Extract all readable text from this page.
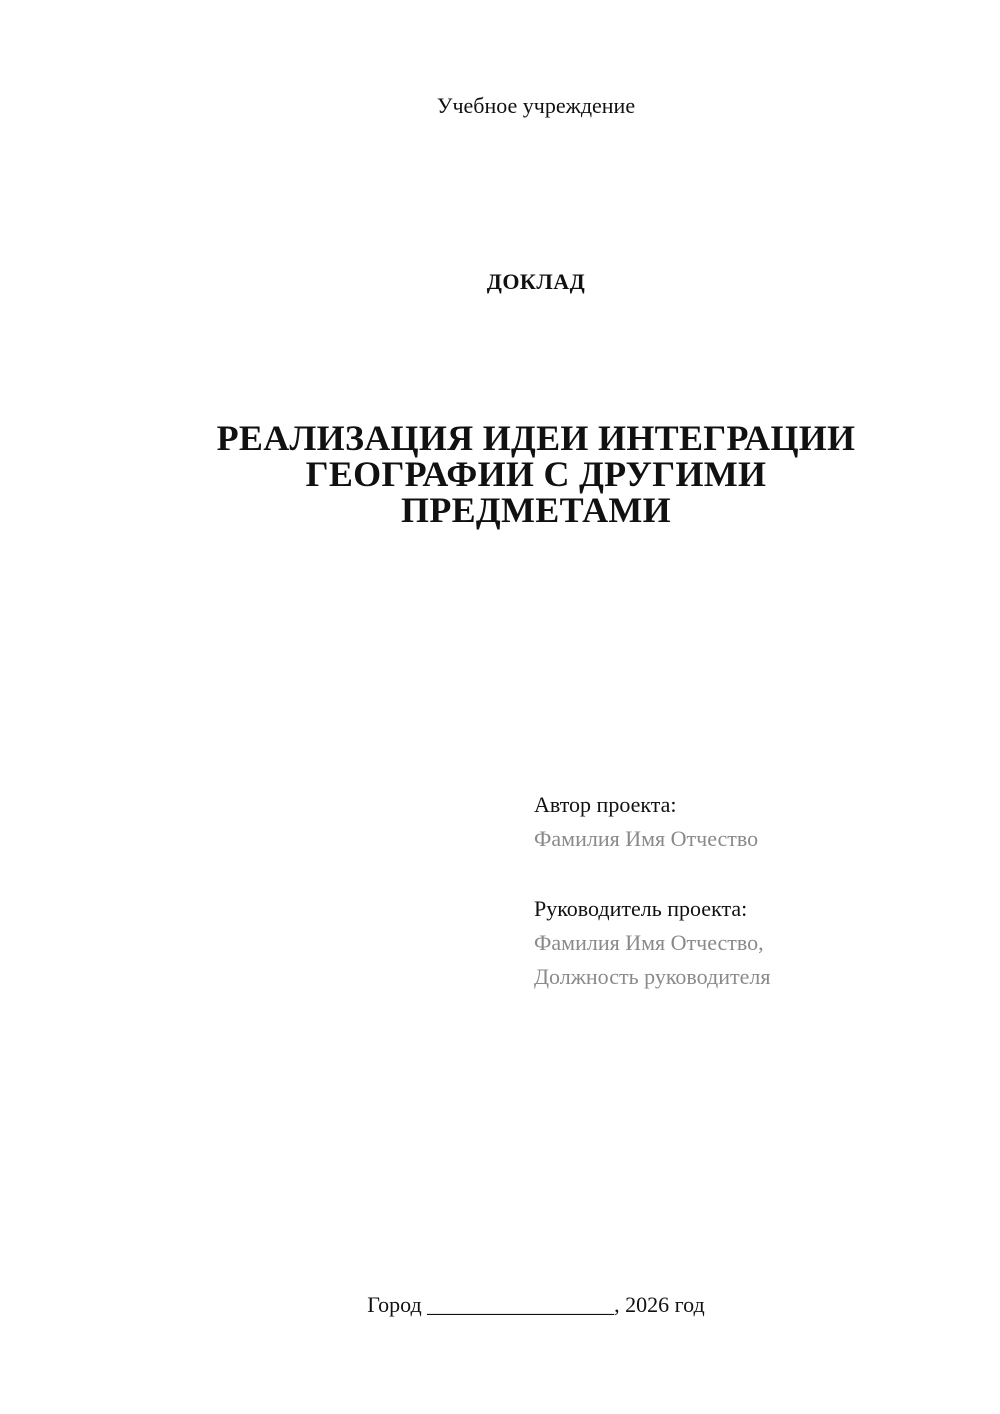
Учебное учреждение
ДОКЛАД
РЕАЛИЗАЦИЯ ИДЕИ ИНТЕГРАЦИИ
ГЕОГРАФИИ С ДРУГИМИ
ПРЕДМЕТАМИ
Автор проекта:
Фамилия Имя Отчество
Руководитель проекта:
Фамилия Имя Отчество,
Должность руководителя
Город _________________, 2026 год
